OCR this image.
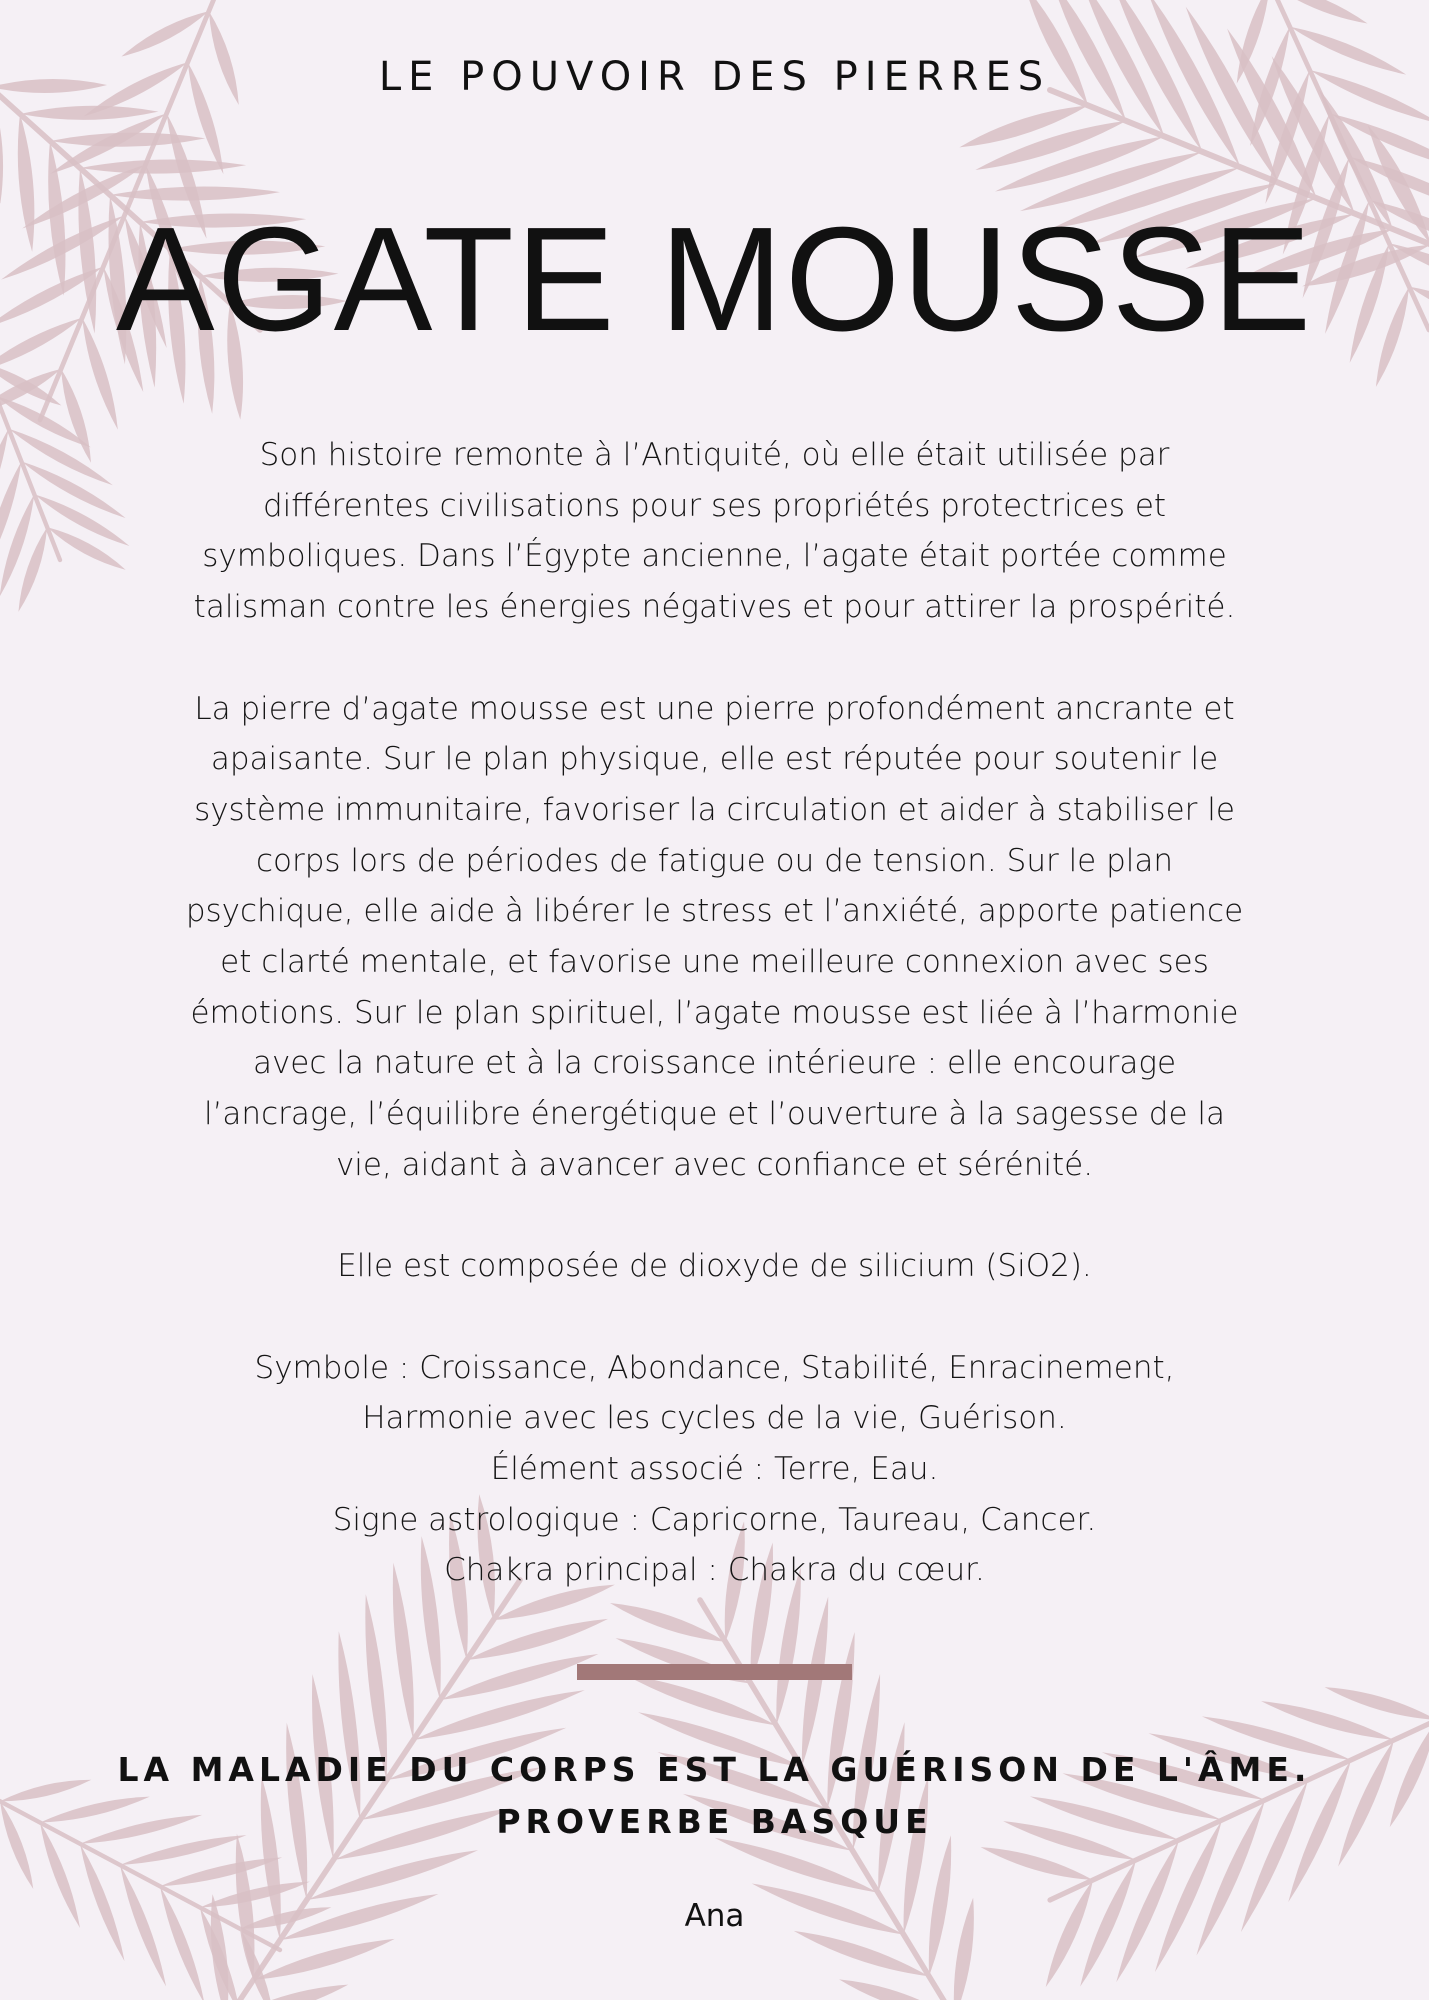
LE POUVOIR DES PIERRES
AGATE MOUSSE

Son histoire remonte à l’Antiquité, où elle était utilisée par

différentes civilisations pour ses propriétés protectrices et

symboliques. Dans l’Égypte ancienne, l’agate était portée comme

talisman contre les énergies négatives et pour attirer la prospérité.

La pierre d’agate mousse est une pierre profondément ancrante et

apaisante. Sur le plan physique, elle est réputée pour soutenir le

système immunitaire, favoriser la circulation et aider à stabiliser le

corps lors de périodes de fatigue ou de tension. Sur le plan

psychique, elle aide à libérer le stress et l’anxiété, apporte patience

et clarté mentale, et favorise une meilleure connexion avec ses

émotions. Sur le plan spirituel, l’agate mousse est liée à l’harmonie

avec la nature et à la croissance intérieure : elle encourage

l’ancrage, l’équilibre énergétique et l’ouverture à la sagesse de la

vie, aidant à avancer avec confiance et sérénité.

Elle est composée de dioxyde de silicium (SiO2).

Symbole : Croissance, Abondance, Stabilité, Enracinement,

Harmonie avec les cycles de la vie, Guérison.

Élément associé : Terre, Eau.

Signe astrologique : Capricorne, Taureau, Cancer.

Chakra principal : Chakra du cœur.

LA MALADIE DU CORPS EST LA GUÉRISON DE L'ÂME.
PROVERBE BASQUE
Ana
